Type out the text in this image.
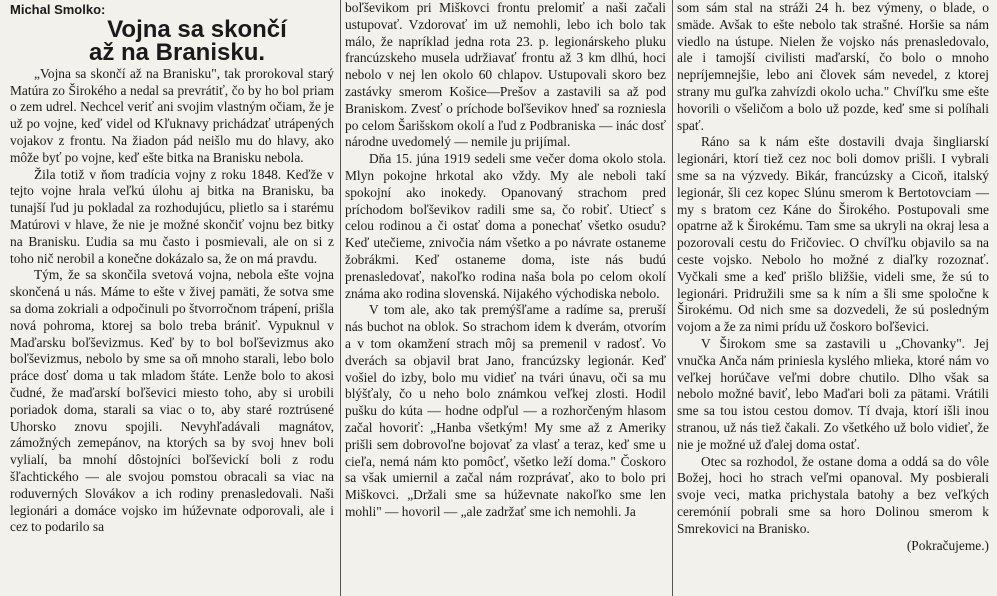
Michal Smolko:
Vojna sa skončí
až na Branisku.

„Vojna sa skončí až na Branisku", tak prorokoval starý Matúra zo Širokého a nedal sa prevrátiť, čo by ho bol priam o zem udrel. Nechcel veriť ani svojim vlastným očiam, že je už po vojne, keď videl od Kľuknavy prichádzať utrápených vojakov z frontu. Na žiadon pád neišlo mu do hlavy, ako môže byť po vojne, keď ešte bitka na Branisku nebola.

Žila totiž v ňom tradícia vojny z roku 1848. Keďže v tejto vojne hrala veľkú úlohu aj bitka na Branisku, ba tunajší ľud ju pokladal za rozhodujúcu, plietlo sa i starému Matúrovi v hlave, že nie je možné skončiť vojnu bez bitky na Branisku. Ľudia sa mu často i posmievali, ale on si z toho nič nerobil a konečne dokázalo sa, že on má pravdu.

Tým, že sa skončila svetová vojna, nebola ešte vojna skončená u nás. Máme to ešte v živej pamäti, že sotva sme sa doma zokriali a odpočinuli po štvorročnom trápení, prišla nová pohroma, ktorej sa bolo treba brániť. Vypuknul v Maďarsku boľševizmus. Keď by to bol boľševizmus ako boľševizmus, nebolo by sme sa oň mnoho starali, lebo bolo práce dosť doma u tak mladom štáte. Lenže bolo to akosi čudné, že maďarskí boľševici miesto toho, aby si urobili poriadok doma, starali sa viac o to, aby staré roztrúsené Uhorsko znovu spojili. Nevyhľadávali magnátov, zámožných zemepánov, na ktorých sa by svoj hnev boli vylialí, ba mnohí dôstojníci boľševickí boli z rodu šľachtického — ale svojou pomstou obracali sa viac na roduverných Slovákov a ich rodiny prenasledovali. Naši legionári a domáce vojsko im húževnate odporovali, ale i cez to podarilo sa

boľševikom pri Miškovci frontu prelomiť a naši začali ustupovať. Vzdorovať im už nemohli, lebo ich bolo tak málo, že napríklad jedna rota 23. p. legionárskeho pluku francúzskeho musela udržiavať frontu až 3 km dlhú, hoci nebolo v nej len okolo 60 chlapov. Ustupovali skoro bez zastávky smerom Košice—Prešov a zastavili sa až pod Braniskom. Zvesť o príchode boľševikov hneď sa rozniesla po celom Šarišskom okolí a ľud z Podbraniska — inác dosť národne uvedomelý — nemile ju prijímal.

Dňa 15. júna 1919 sedeli sme večer doma okolo stola. Mlyn pokojne hrkotal ako vždy. My ale neboli takí spokojní ako inokedy. Opanovaný strachom pred príchodom boľševikov radili sme sa, čo robiť. Utiecť s celou rodinou a či ostať doma a ponechať všetko osudu? Keď utečieme, znivočia nám všetko a po návrate ostaneme žobrákmi. Keď ostaneme doma, iste nás budú prenasledovať, nakoľko rodina naša bola po celom okolí známa ako rodina slovenská. Nijakého východiska nebolo.

V tom ale, ako tak premýšľame a radíme sa, preruší nás buchot na oblok. So strachom idem k dverám, otvorím a v tom okamžení strach môj sa premenil v radosť. Vo dverách sa objavil brat Jano, francúzsky legionár. Keď vošiel do izby, bolo mu vidieť na tvári únavu, oči sa mu blýšťaly, čo u neho bolo známkou veľkej zlosti. Hodil pušku do kúta — hodne odpľul — a rozhorčeným hlasom začal hovoriť: „Hanba všetkým! My sme až z Ameriky prišli sem dobrovoľne bojovať za vlasť a teraz, keď sme u cieľa, nemá nám kto pomôcť, všetko leží doma." Čoskoro sa však umiernil a začal nám rozprávať, ako to bolo pri Miškovci. „Držali sme sa húževnate nakoľko sme len mohli" — hovoril — „ale zadržať sme ich nemohli. Ja

som sám stal na stráži 24 h. bez výmeny, o blade, o smäde. Avšak to ešte nebolo tak strašné. Horšie sa nám viedlo na ústupe. Nielen že vojsko nás prenasledovalo, ale i tamojší civilisti maďarskí, čo bolo o mnoho nepríjemnejšie, lebo ani človek sám nevedel, z ktorej strany mu guľka zahvízdi okolo ucha." Chvíľku sme ešte hovorili o všeličom a bolo už pozde, keď sme si políhali spať.

Ráno sa k nám ešte dostavili dvaja šingliarskí legionári, ktorí tiež cez noc boli domov prišli. I vybrali sme sa na výzvedy. Bikár, francúzsky a Cicoň, italský legionár, šli cez kopec Slúnu smerom k Bertotovciam — my s bratom cez Káne do Širokého. Postupovali sme opatrne až k Širokému. Tam sme sa ukryli na okraj lesa a pozorovali cestu do Fričoviec. O chvíľku objavilo sa na ceste vojsko. Nebolo ho možné z diaľky rozoznať. Vyčkali sme a keď prišlo bližšie, videli sme, že sú to legionári. Pridružili sme sa k ním a šli sme spoločne k Širokému. Od nich sme sa dozvedeli, že sú posledným vojom a že za nimi prídu už čoskoro boľševici.

V Širokom sme sa zastavili u „Chovanky". Jej vnučka Anča nám priniesla kyslého mlieka, ktoré nám vo veľkej horúčave veľmi dobre chutilo. Dlho však sa nebolo možné baviť, lebo Maďari boli za pätami. Vrátili sme sa tou istou cestou domov. Tí dvaja, ktorí išli inou stranou, už nás tiež čakali. Zo všetkého už bolo vidieť, že nie je možné už ďalej doma ostať.

Otec sa rozhodol, že ostane doma a oddá sa do vôle Božej, hoci ho strach veľmi opanoval. My posbierali svoje veci, matka prichystala batohy a bez veľkých ceremónií pobrali sme sa horo Dolinou smerom k Smrekovici na Branisko.

(Pokračujeme.)
